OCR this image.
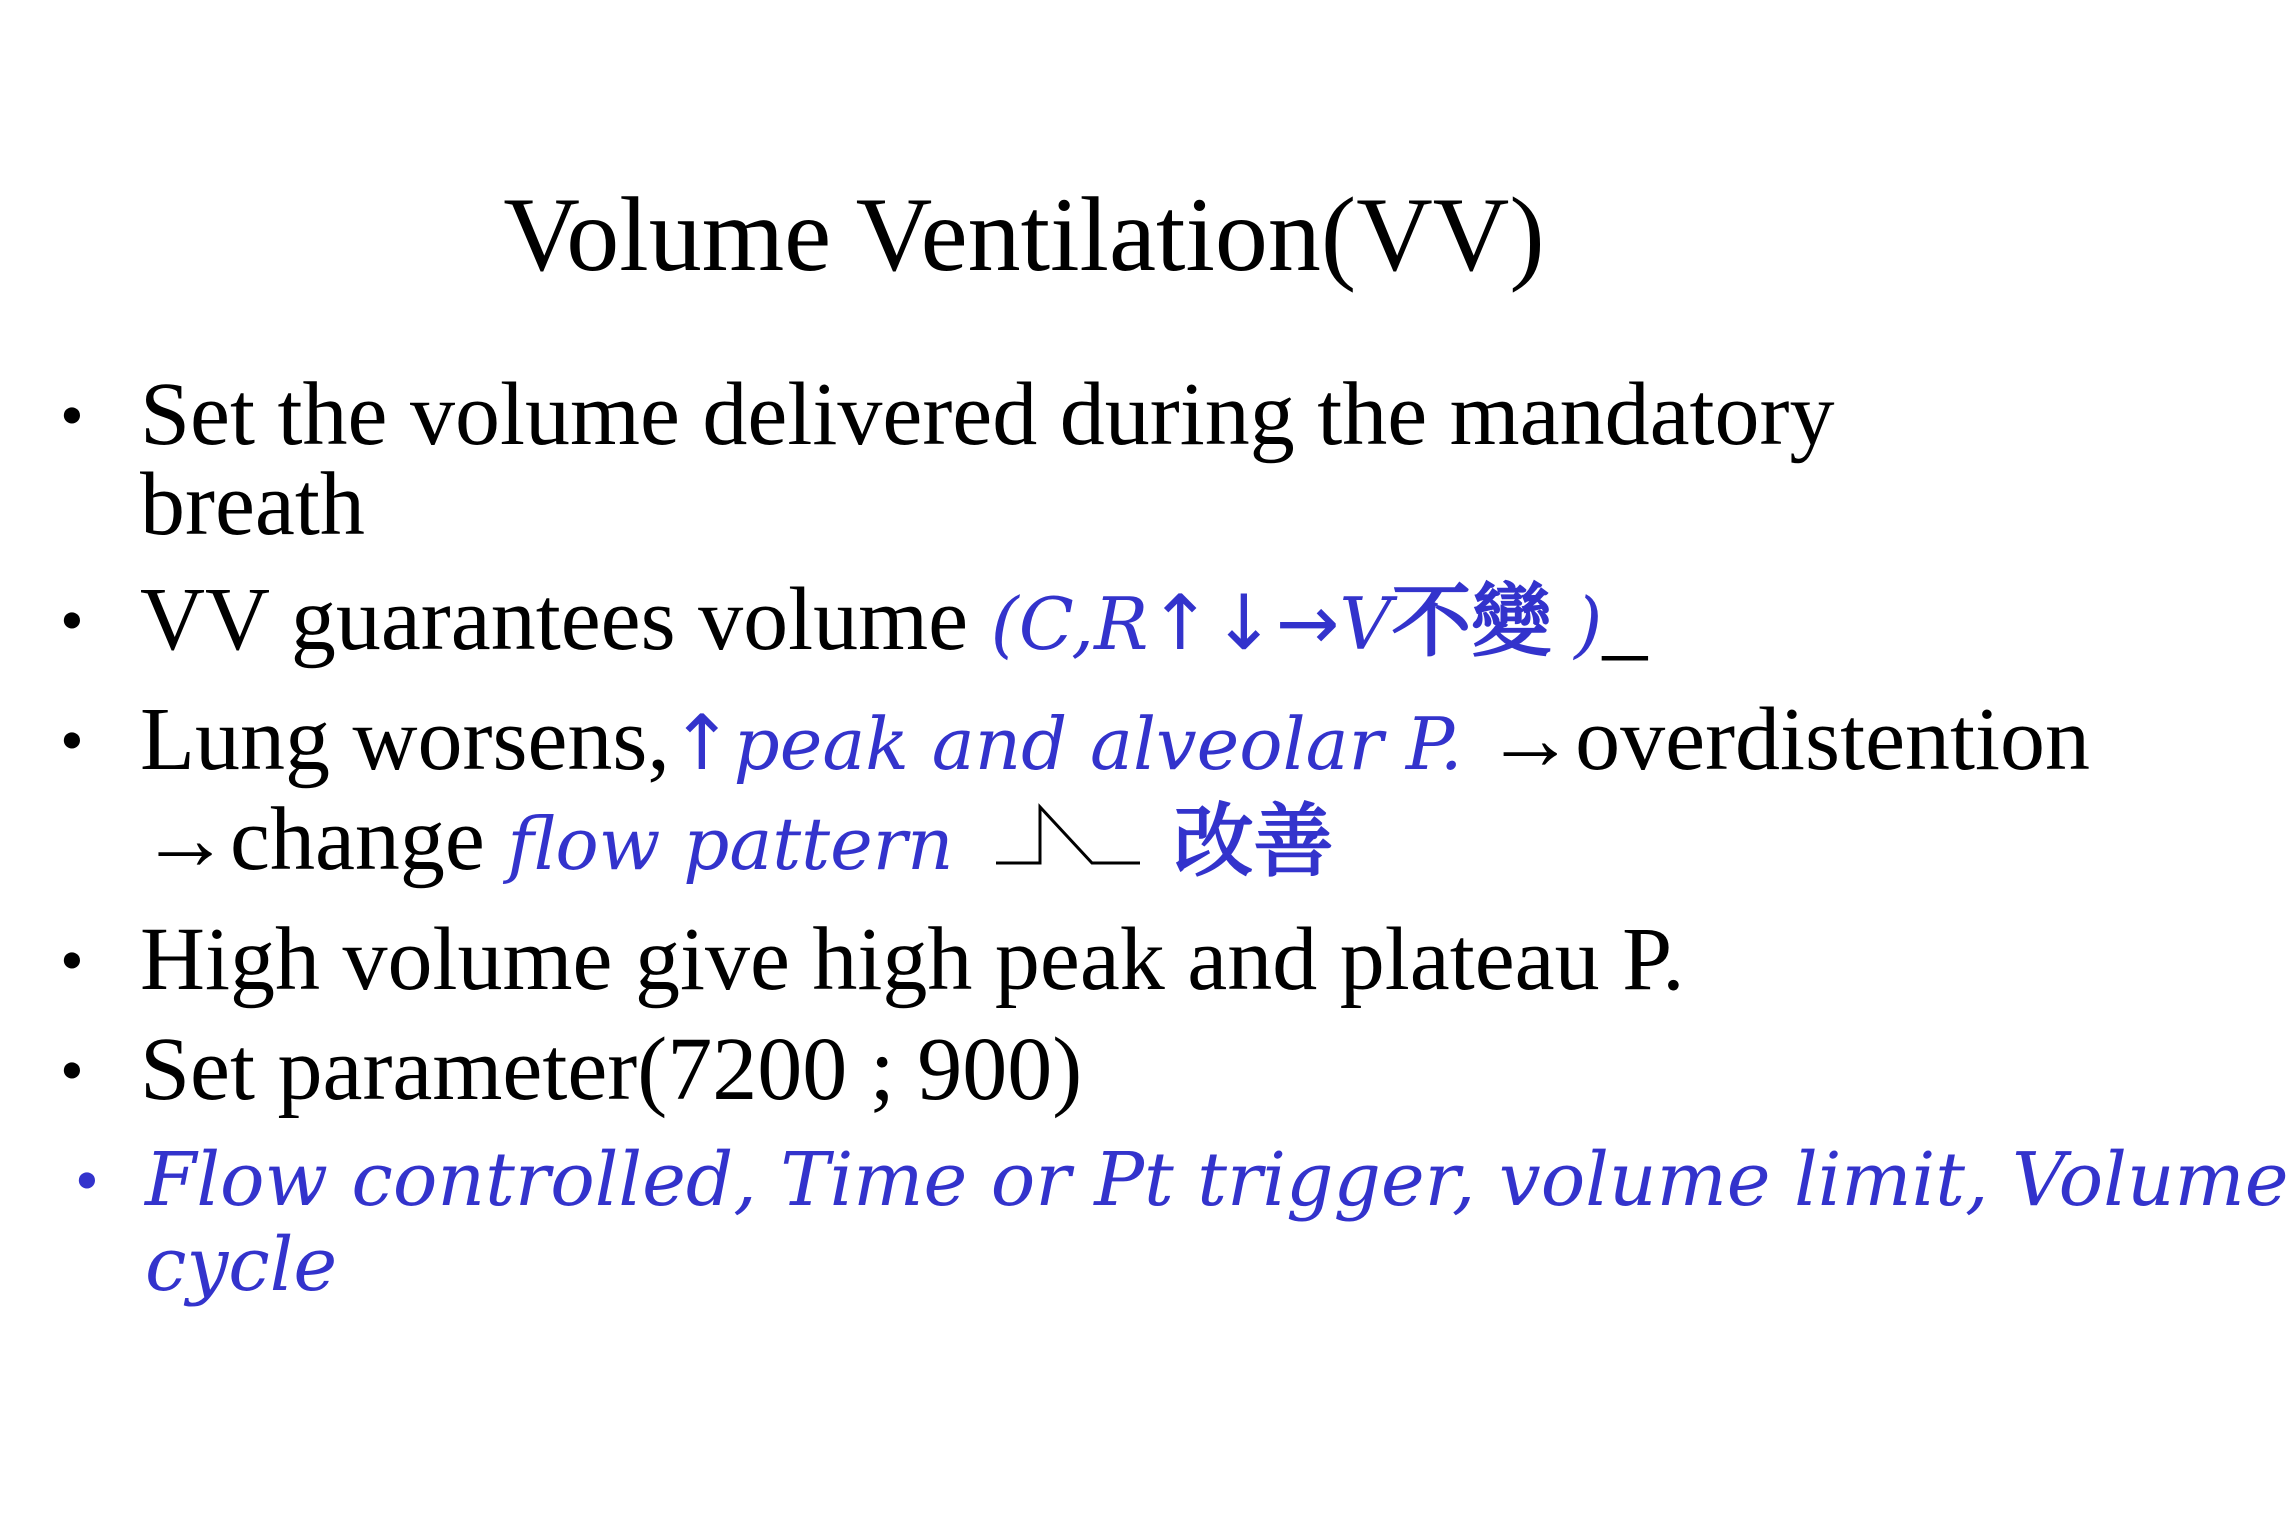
Volume Ventilation(VV)
• Set the volume delivered during the mandatory
breath
• VV guarantees volume (C,R↑↓→V不變 )_
• Lung worsens,↑peak and alveolar P. →overdistention
→change flow pattern	改善
• High volume give high peak and plateau P.
• Set parameter(7200 ; 900)
• Flow controlled, Time or Pt trigger, volume limit, Volume
cycle
